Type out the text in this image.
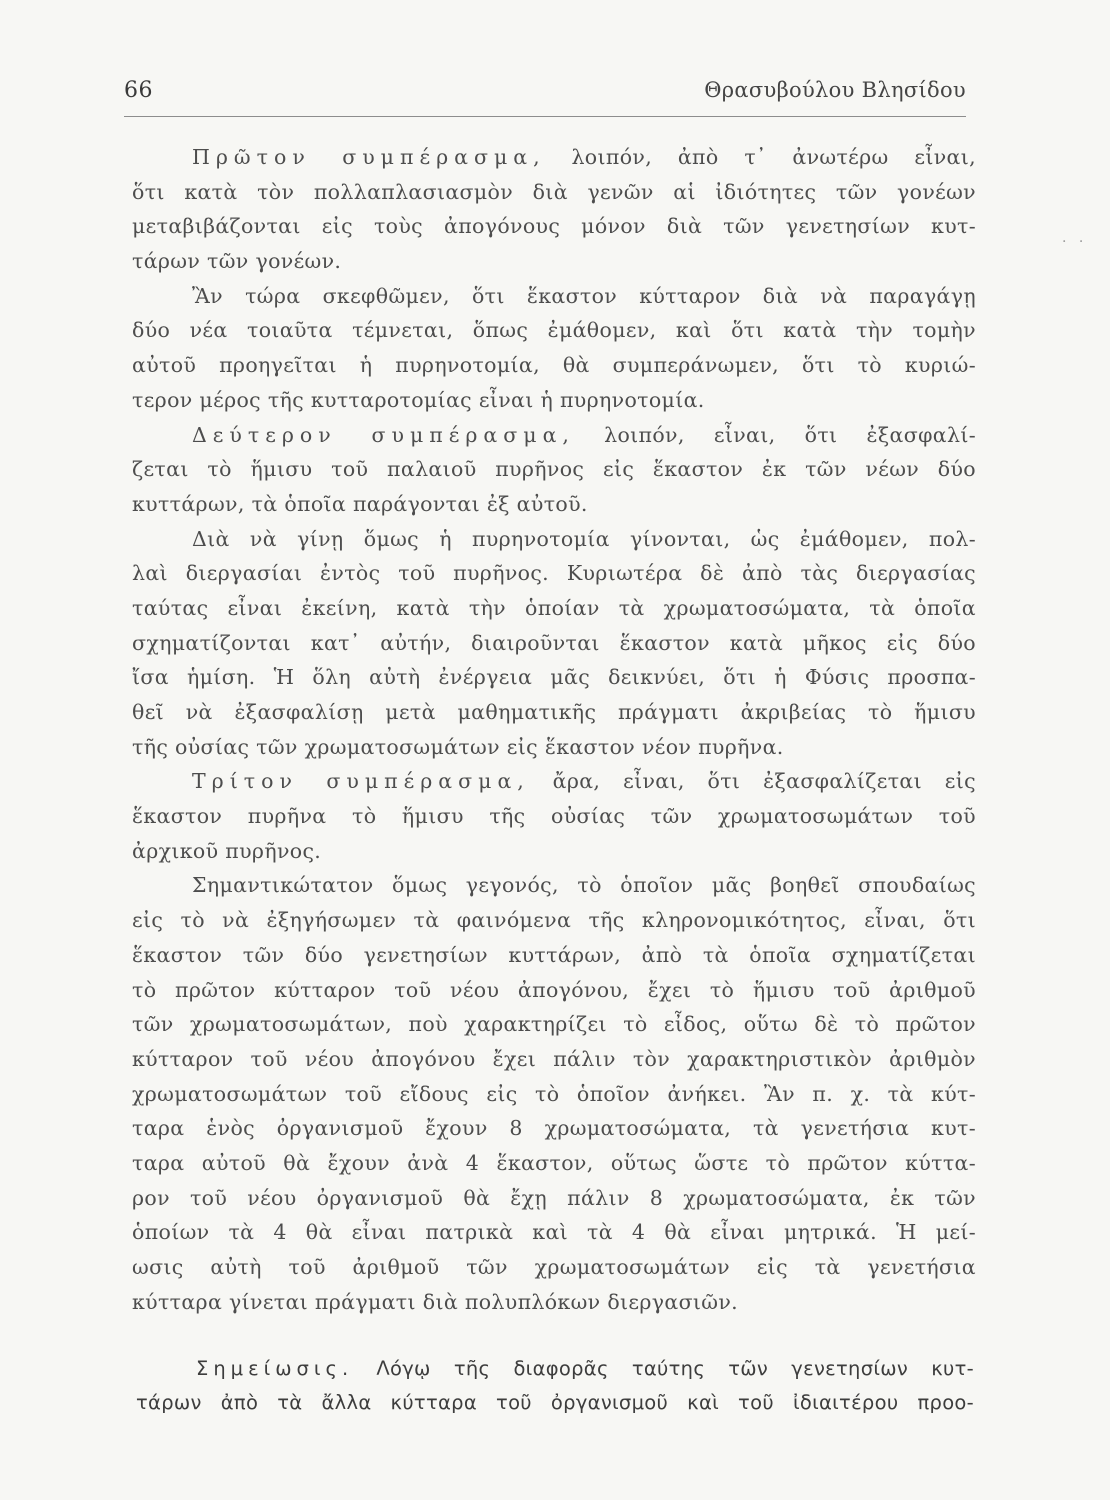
66	Θρασυβούλου Βλησίδου
· ·
Πρῶτον συμπέρασμα, λοιπόν, ἀπὸ τ᾽ ἀνωτέρω εἶναι,
ὅτι κατὰ τὸν πολλαπλασιασμὸν διὰ γενῶν αἱ ἰδιότητες τῶν γονέων
μεταβιβάζονται εἰς τοὺς ἀπογόνους μόνον διὰ τῶν γενετησίων κυτ-
τάρων τῶν γονέων.
Ἂν τώρα σκεφθῶμεν, ὅτι ἕκαστον κύτταρον διὰ νὰ παραγάγῃ
δύο νέα τοιαῦτα τέμνεται, ὅπως ἐμάθομεν, καὶ ὅτι κατὰ τὴν τομὴν
αὐτοῦ προηγεῖται ἡ πυρηνοτομία, θὰ συμπεράνωμεν, ὅτι τὸ κυριώ-
τερον μέρος τῆς κυτταροτομίας εἶναι ἡ πυρηνοτομία.
Δεύτερον συμπέρασμα, λοιπόν, εἶναι, ὅτι ἐξασφαλί-
ζεται τὸ ἥμισυ τοῦ παλαιοῦ πυρῆνος εἰς ἕκαστον ἐκ τῶν νέων δύο
κυττάρων, τὰ ὁποῖα παράγονται ἐξ αὐτοῦ.
Διὰ νὰ γίνῃ ὅμως ἡ πυρηνοτομία γίνονται, ὡς ἐμάθομεν, πολ-
λαὶ διεργασίαι ἐντὸς τοῦ πυρῆνος. Κυριωτέρα δὲ ἀπὸ τὰς διεργασίας
ταύτας εἶναι ἐκείνη, κατὰ τὴν ὁποίαν τὰ χρωματοσώματα, τὰ ὁποῖα
σχηματίζονται κατ᾽ αὐτήν, διαιροῦνται ἕκαστον κατὰ μῆκος εἰς δύο
ἴσα ἡμίση. Ἡ ὅλη αὐτὴ ἐνέργεια μᾶς δεικνύει, ὅτι ἡ Φύσις προσπα-
θεῖ νὰ ἐξασφαλίσῃ μετὰ μαθηματικῆς πράγματι ἀκριβείας τὸ ἥμισυ
τῆς οὐσίας τῶν χρωματοσωμάτων εἰς ἕκαστον νέον πυρῆνα.
Τρίτον συμπέρασμα, ἄρα, εἶναι, ὅτι ἐξασφαλίζεται εἰς
ἕκαστον πυρῆνα τὸ ἥμισυ τῆς οὐσίας τῶν χρωματοσωμάτων τοῦ
ἀρχικοῦ πυρῆνος.
Σημαντικώτατον ὅμως γεγονός, τὸ ὁποῖον μᾶς βοηθεῖ σπουδαίως
εἰς τὸ νὰ ἐξηγήσωμεν τὰ φαινόμενα τῆς κληρονομικότητος, εἶναι, ὅτι
ἕκαστον τῶν δύο γενετησίων κυττάρων, ἀπὸ τὰ ὁποῖα σχηματίζεται
τὸ πρῶτον κύτταρον τοῦ νέου ἀπογόνου, ἔχει τὸ ἥμισυ τοῦ ἀριθμοῦ
τῶν χρωματοσωμάτων, ποὺ χαρακτηρίζει τὸ εἶδος, οὕτω δὲ τὸ πρῶτον
κύτταρον τοῦ νέου ἀπογόνου ἔχει πάλιν τὸν χαρακτηριστικὸν ἀριθμὸν
χρωματοσωμάτων τοῦ εἴδους εἰς τὸ ὁποῖον ἀνήκει. Ἂν π. χ. τὰ κύτ-
ταρα ἑνὸς ὀργανισμοῦ ἔχουν 8 χρωματοσώματα, τὰ γενετήσια κυτ-
ταρα αὐτοῦ θὰ ἔχουν ἀνὰ 4 ἕκαστον, οὕτως ὥστε τὸ πρῶτον κύττα-
ρον τοῦ νέου ὀργανισμοῦ θὰ ἔχῃ πάλιν 8 χρωματοσώματα, ἐκ τῶν
ὁποίων τὰ 4 θὰ εἶναι πατρικὰ καὶ τὰ 4 θὰ εἶναι μητρικά. Ἡ μεί-
ωσις αὐτὴ τοῦ ἀριθμοῦ τῶν χρωματοσωμάτων εἰς τὰ γενετήσια
κύτταρα γίνεται πράγματι διὰ πολυπλόκων διεργασιῶν.
Σημείωσις. Λόγῳ τῆς διαφορᾶς ταύτης τῶν γενετησίων κυτ-
τάρων ἀπὸ τὰ ἄλλα κύτταρα τοῦ ὀργανισμοῦ καὶ τοῦ ἰδιαιτέρου προο-
